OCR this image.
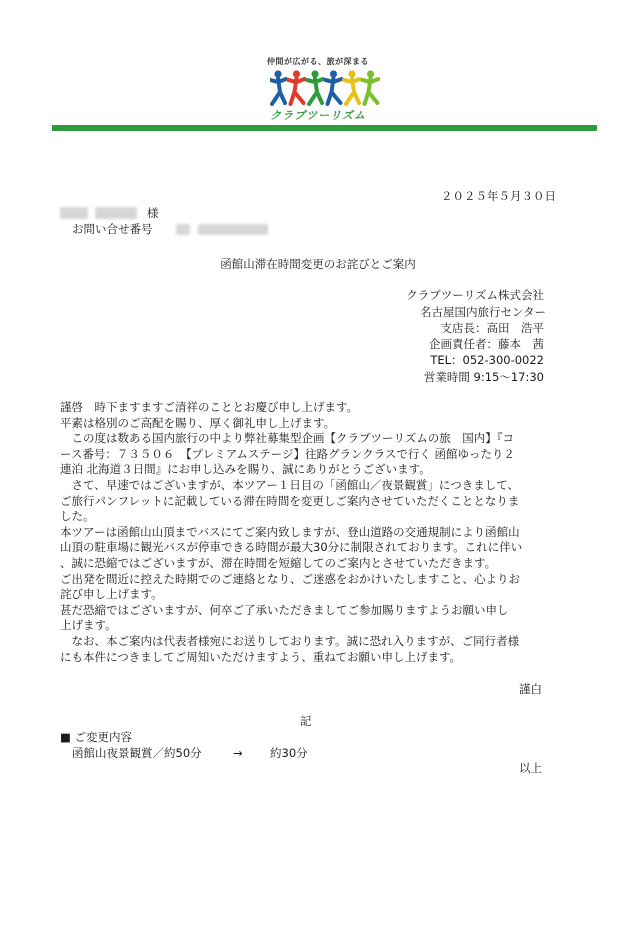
仲間が広がる、旅が深まる
クラブツーリズム
２０２５年５月３０日
様
お問い合せ番号
函館山滞在時間変更のお詫びとご案内
クラブツーリズム株式会社
名古屋国内旅行センター
支店長：高田　浩平
企画責任者：藤本　茜
TEL：052-300-0022
営業時間 9:15～17:30

謹啓　時下ますますご清祥のこととお慶び申し上げます。

平素は格別のご高配を賜り、厚く御礼申し上げます。

　この度は数ある国内旅行の中より弊社募集型企画【クラブツーリズムの旅　国内】『コ
ース番号：７３５０６　【プレミアムステージ】往路グランクラスで行く 函館ゆったり２
連泊 北海道３日間』にお申し込みを賜り、誠にありがとうございます。

　さて、早速ではございますが、本ツアー１日目の「函館山／夜景観賞」につきまして、
ご旅行パンフレットに記載している滞在時間を変更しご案内させていただくこととなりま
した。

本ツアーは函館山山頂までバスにてご案内致しますが、登山道路の交通規制により函館山
山頂の駐車場に観光バスが停車できる時間が最大30分に制限されております。これに伴い
、誠に恐縮ではございますが、滞在時間を短縮してのご案内とさせていただきます。

ご出発を間近に控えた時期でのご連絡となり、ご迷惑をおかけいたしますこと、心よりお
詫び申し上げます。

甚だ恐縮ではございますが、何卒ご了承いただきましてご参加賜りますようお願い申し
上げます。

　なお、本ご案内は代表者様宛にお送りしております。誠に恐れ入りますが、ご同行者様
にも本件につきましてご周知いただけますよう、重ねてお願い申し上げます。

謹白
記
■ ご変更内容
函館山夜景観賞／約50分	→ 約30分
以上
